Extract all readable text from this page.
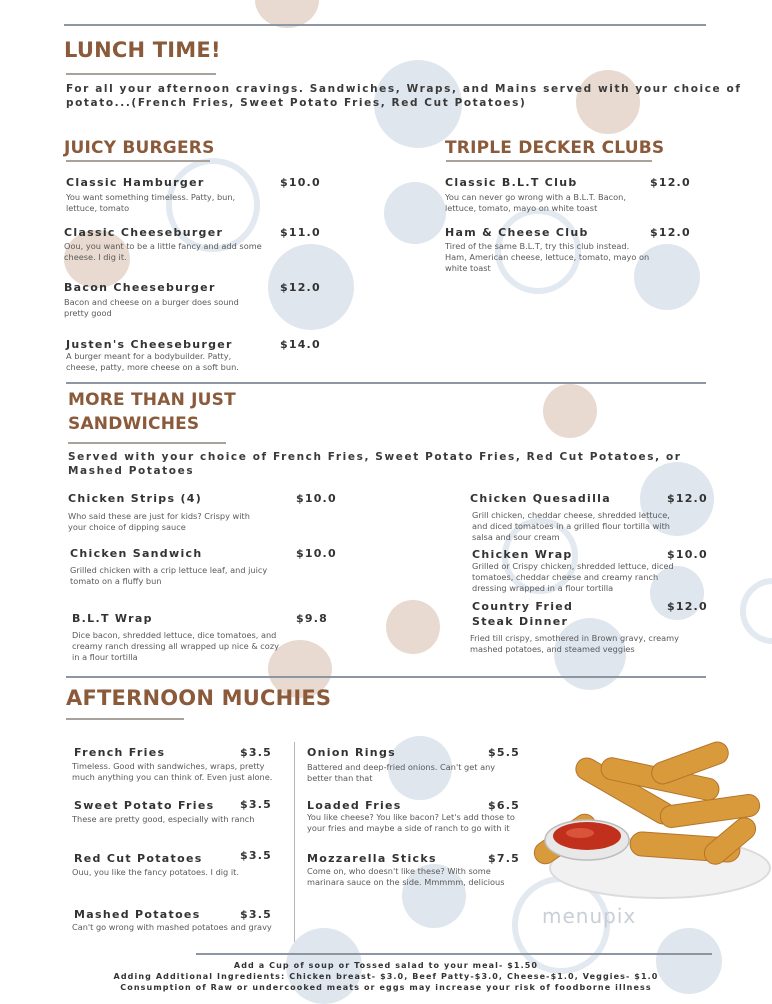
LUNCH TIME!
For all your afternoon cravings. Sandwiches, Wraps, and Mains served with your choice of
potato...(French Fries, Sweet Potato Fries, Red Cut Potatoes)
JUICY BURGERS
Classic Hamburger	$10.0
You want something timeless. Patty, bun, lettuce, tomato
Classic Cheeseburger	$11.0
Oou, you want to be a little fancy and add some cheese. I dig it.
Bacon Cheeseburger	$12.0
Bacon and cheese on a burger does sound pretty good
Justen's Cheeseburger	$14.0
A burger meant for a bodybuilder. Patty, cheese, patty, more cheese on a soft bun.
TRIPLE DECKER CLUBS
Classic B.L.T Club	$12.0
You can never go wrong with a B.L.T. Bacon, lettuce, tomato, mayo on white toast
Ham & Cheese Club	$12.0
Tired of the same B.L.T, try this club instead. Ham, American cheese, lettuce, tomato, mayo on white toast
MORE THAN JUST
SANDWICHES
Served with your choice of French Fries, Sweet Potato Fries, Red Cut Potatoes, or
Mashed Potatoes
Chicken Strips (4)	$10.0
Who said these are just for kids? Crispy with your choice of dipping sauce
Chicken Sandwich	$10.0
Grilled chicken with a crip lettuce leaf, and juicy tomato on a fluffy bun
B.L.T Wrap	$9.8
Dice bacon, shredded lettuce, dice tomatoes, and creamy ranch dressing all wrapped up nice & cozy in a flour tortilla
Chicken Quesadilla	$12.0
Grill chicken, cheddar cheese, shredded lettuce, and diced tomatoes in a grilled flour tortilla with salsa and sour cream
Chicken Wrap	$10.0
Grilled or Crispy chicken, shredded lettuce, diced tomatoes, cheddar cheese and creamy ranch dressing wrapped in a flour tortilla
Country Fried
Steak Dinner
$12.0
Fried till crispy, smothered in Brown gravy, creamy mashed potatoes, and steamed veggies
AFTERNOON MUCHIES
French Fries	$3.5
Timeless. Good with sandwiches, wraps, pretty much anything you can think of. Even just alone.
Sweet Potato Fries $3.5
These are pretty good, especially with ranch
Red Cut Potatoes	$3.5
Ouu, you like the fancy potatoes. I dig it.
Mashed Potatoes	$3.5
Can't go wrong with mashed potatoes and gravy
Onion Rings	$5.5
Battered and deep-fried onions. Can't get any better than that
Loaded Fries	$6.5
You like cheese? You like bacon? Let's add those to your fries and maybe a side of ranch to go with it
Mozzarella Sticks	$7.5
Come on, who doesn't like these? With some marinara sauce on the side. Mmmmm, delicious
menupix
Add a Cup of soup or Tossed salad to your meal- $1.50
Adding Additional Ingredients: Chicken breast- $3.0, Beef Patty-$3.0, Cheese-$1.0, Veggies- $1.0
Consumption of Raw or undercooked meats or eggs may increase your risk of foodborne illness
